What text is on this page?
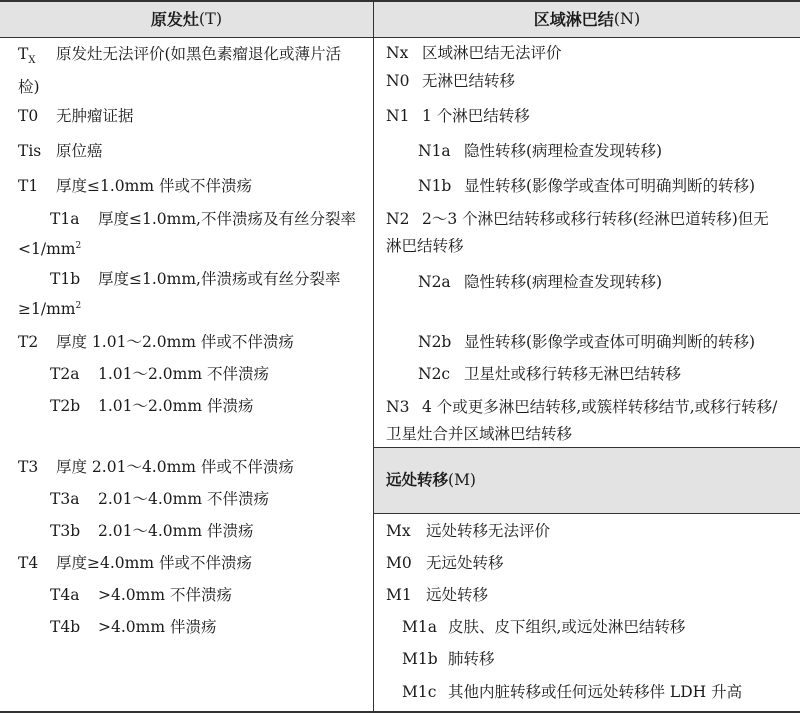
原发灶 (T)	区域淋巴结 (N)
远处转移(M)
$T_X$ 原发灶无法评价(如黑色素瘤退化或薄片活检)
T0 无肿瘤证据
Tis 原位癌
T1 厚度≤1.0mm 伴或不伴溃疡
T1a 厚度≤1.0mm,不伴溃疡及有丝分裂率$<1/mm^2$
T1b 厚度≤1.0mm,伴溃疡或有丝分裂率$\ge 1/mm^2$
T2 厚度 1.01～2.0mm 伴或不伴溃疡
T2a 1.01～2.0mm 不伴溃疡
T2b 1.01～2.0mm 伴溃疡
T3 厚度 2.01～4.0mm 伴或不伴溃疡
T3a 2.01～4.0mm 不伴溃疡
T3b 2.01～4.0mm 伴溃疡
T4 厚度≥4.0mm 伴或不伴溃疡
T4a >4.0mm 不伴溃疡
T4b >4.0mm 伴溃疡
Nx 区域淋巴结无法评价
N0 无淋巴结转移
N1 1 个淋巴结转移
N1a 隐性转移(病理检查发现转移)
N1b 显性转移(影像学或查体可明确判断的转移)
N2 2～3 个淋巴结转移或移行转移(经淋巴道转移)但无淋巴结转移
N2a 隐性转移(病理检查发现转移)
N2b 显性转移(影像学或查体可明确判断的转移)
N2c 卫星灶或移行转移无淋巴结转移
N3 4 个或更多淋巴结转移,或簇样转移结节,或移行转移/卫星灶合并区域淋巴结转移
Mx 远处转移无法评价
M0 无远处转移
M1 远处转移
M1a 皮肤、皮下组织,或远处淋巴结转移
M1b 肺转移
M1c 其他内脏转移或任何远处转移伴 LDH 升高
